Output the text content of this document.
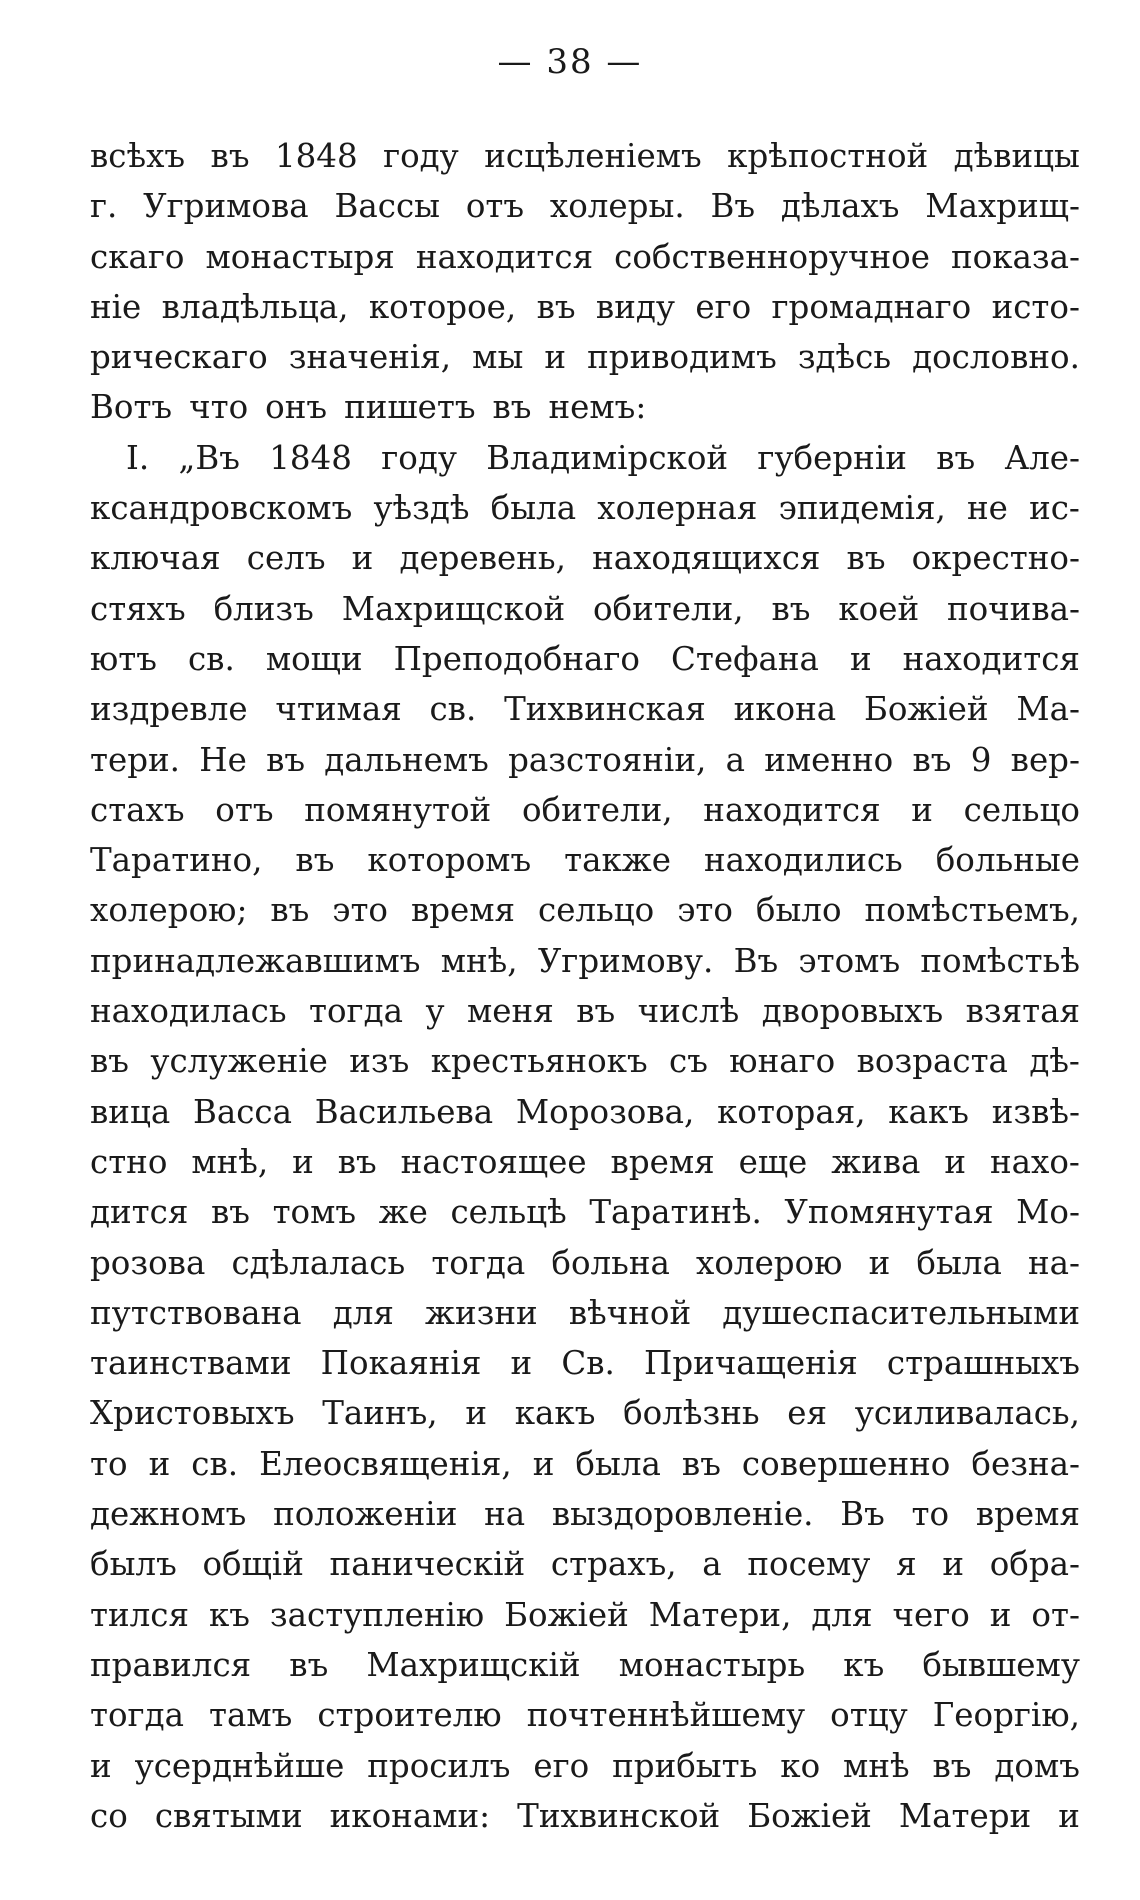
— 38 —
всѣхъ въ 1848 году исцѣленіемъ крѣпостной дѣвицы
г. Угримова Вассы отъ холеры. Въ дѣлахъ Махрищ-
скаго монастыря находится собственноручное показа-
ніе владѣльца, которое, въ виду его громаднаго исто-
рическаго значенія, мы и приводимъ здѣсь дословно.
Вотъ что онъ пишетъ въ немъ:
I. „Въ 1848 году Владимірской губерніи въ Але-
ксандровскомъ уѣздѣ была холерная эпидемія, не ис-
ключая селъ и деревень, находящихся въ окрестно-
стяхъ близъ Махрищской обители, въ коей почива-
ютъ св. мощи Преподобнаго Стефана и находится
издревле чтимая св. Тихвинская икона Божіей Ма-
тери. Не въ дальнемъ разстояніи, а именно въ 9 вер-
стахъ отъ помянутой обители, находится и сельцо
Таратино, въ которомъ также находились больные
холерою; въ это время сельцо это было помѣстьемъ,
принадлежавшимъ мнѣ, Угримову. Въ этомъ помѣстьѣ
находилась тогда у меня въ числѣ дворовыхъ взятая
въ услуженіе изъ крестьянокъ съ юнаго возраста дѣ-
вица Васса Васильева Морозова, которая, какъ извѣ-
стно мнѣ, и въ настоящее время еще жива и нахо-
дится въ томъ же сельцѣ Таратинѣ. Упомянутая Мо-
розова сдѣлалась тогда больна холерою и была на-
путствована для жизни вѣчной душеспасительными
таинствами Покаянія и Св. Причащенія страшныхъ
Христовыхъ Таинъ, и какъ болѣзнь ея усиливалась,
то и св. Елеосвященія, и была въ совершенно безна-
дежномъ положеніи на выздоровленіе. Въ то время
былъ общій паническій страхъ, а посему я и обра-
тился къ заступленію Божіей Матери, для чего и от-
правился въ Махрищскій монастырь къ бывшему
тогда тамъ строителю почтеннѣйшему отцу Георгію,
и усерднѣйше просилъ его прибыть ко мнѣ въ домъ
со святыми иконами: Тихвинской Божіей Матери и
